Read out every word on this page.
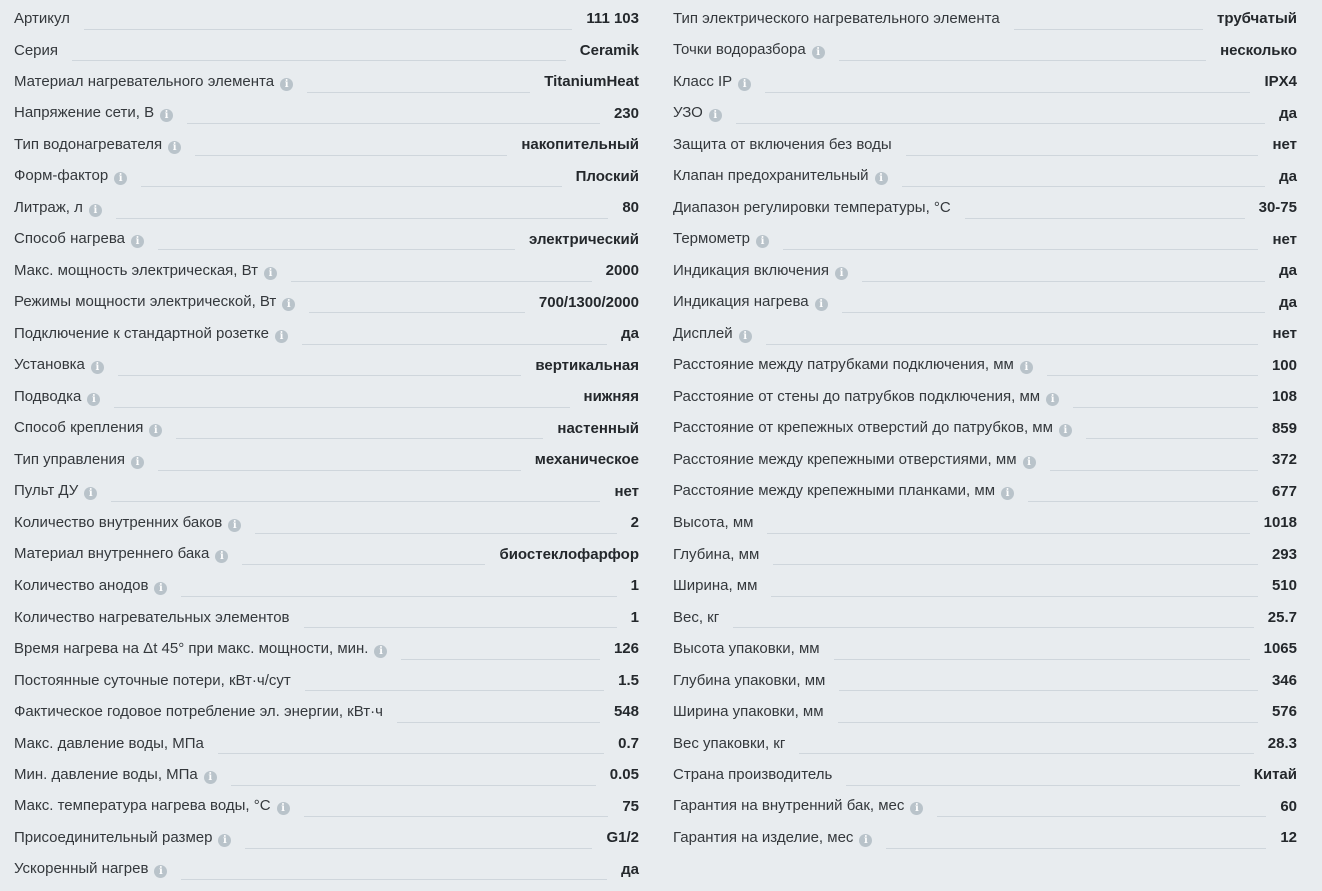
Артикул	111 103
Серия	Ceramik
Материал нагревательного элемента i	TitaniumHeat
Напряжение сети, В i	230
Тип водонагревателя i	накопительный
Форм-фактор i	Плоский
Литраж, л i	80
Способ нагрева i	электрический
Макс. мощность электрическая, Вт i	2000
Режимы мощности электрической, Вт i	700/1300/2000
Подключение к стандартной розетке i	да
Установка i	вертикальная
Подводка i	нижняя
Способ крепления i	настенный
Тип управления i	механическое
Пульт ДУ i	нет
Количество внутренних баков i	2
Материал внутреннего бака i	биостеклофарфор
Количество анодов i	1
Количество нагревательных элементов	1
Время нагрева на Δt 45° при макс. мощности, мин. i	126
Постоянные суточные потери, кВт·ч/сут	1.5
Фактическое годовое потребление эл. энергии, кВт·ч	548
Макс. давление воды, МПа	0.7
Мин. давление воды, МПа i	0.05
Макс. температура нагрева воды, °С i	75
Присоединительный размер i	G1/2
Ускоренный нагрев i	да
Тип электрического нагревательного элемента	трубчатый
Точки водоразбора i	несколько
Класс IP i	IPX4
УЗО i	да
Защита от включения без воды	нет
Клапан предохранительный i	да
Диапазон регулировки температуры, °С	30-75
Термометр i	нет
Индикация включения i	да
Индикация нагрева i	да
Дисплей i	нет
Расстояние между патрубками подключения, мм i	100
Расстояние от стены до патрубков подключения, мм i	108
Расстояние от крепежных отверстий до патрубков, мм i	859
Расстояние между крепежными отверстиями, мм i	372
Расстояние между крепежными планками, мм i	677
Высота, мм	1018
Глубина, мм	293
Ширина, мм	510
Вес, кг	25.7
Высота упаковки, мм	1065
Глубина упаковки, мм	346
Ширина упаковки, мм	576
Вес упаковки, кг	28.3
Страна производитель	Китай
Гарантия на внутренний бак, мес i	60
Гарантия на изделие, мес i	12
